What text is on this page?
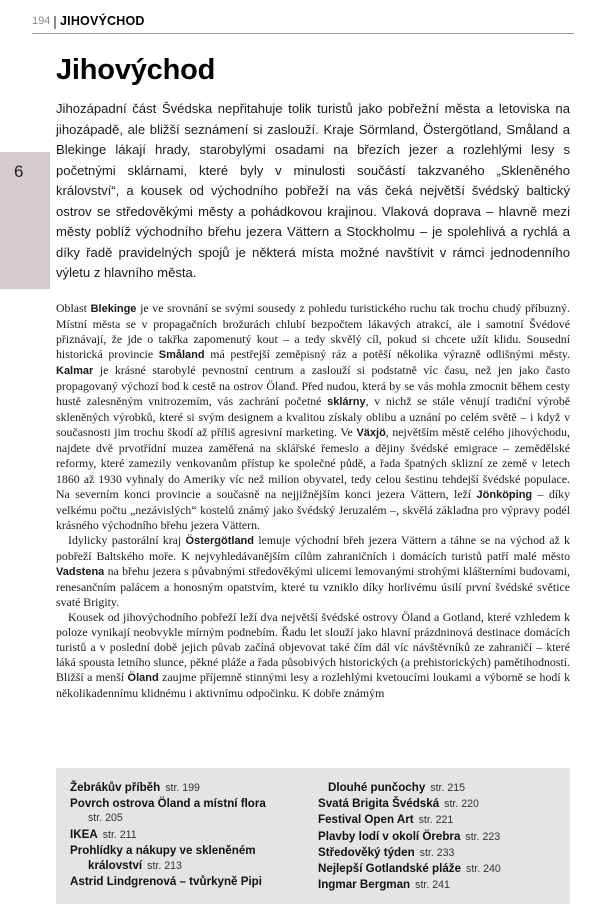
194 JIHOVÝCHOD
6
Jihovýchod

Jihozápadní část Švédska nepřitahuje tolik turistů jako pobřežní města a letoviska na jihozápadě, ale bližší seznámení si zaslouží. Kraje Sörmland, Östergötland, Småland a Blekinge lákají hrady, starobylými osadami na březích jezer a rozlehlými lesy s početnými sklárnami, které byly v minulosti součástí takzvaného „Skleněného království“, a kousek od východního pobřeží na vás čeká největší švédský baltický ostrov se středověkými městy a pohádkovou krajinou. Vlaková doprava – hlavně mezi městy poblíž východního břehu jezera Vättern a Stockholmu – je spolehlivá a rychlá a díky řadě pravidelných spojů je některá místa možné navštívit v rámci jednodenního výletu z hlavního města.

Oblast Blekinge je ve srovnání se svými sousedy z pohledu turistického ruchu tak trochu chudý příbuzný. Místní města se v propagačních brožurách chlubí bezpočtem lákavých atrakcí, ale i samotní Švédové přiznávají, že jde o takřka zapomenutý kout – a tedy skvělý cíl, pokud si chcete užít klidu. Sousední historická provincie Småland má pestřejší zeměpisný ráz a potěší několika výrazně odlišnými městy. Kalmar je krásné starobylé pevnostní centrum a zaslouží si podstatně víc času, než jen jako často propagovaný výchozí bod k cestě na ostrov Öland. Před nudou, která by se vás mohla zmocnit během cesty hustě zalesněným vnitrozemím, vás zachrání početné sklárny, v nichž se stále věnují tradiční výrobě skleněných výrobků, které si svým designem a kvalitou získaly oblibu a uznání po celém světě – i když v současnosti jim trochu škodí až příliš agresivní marketing. Ve Växjö, největším městě celého jihovýchodu, najdete dvě prvotřídní muzea zaměřená na sklářské řemeslo a dějiny švédské emigrace – zemědělské reformy, které zamezily venkovanům přístup ke společné půdě, a řada špatných sklizní ze země v letech 1860 až 1930 vyhnaly do Ameriky víc než milion obyvatel, tedy celou šestinu tehdejší švédské populace. Na severním konci provincie a současně na nejjižnějším konci jezera Vättern, leží Jönköping – díky velkému počtu „nezávislých“ kostelů známý jako švédský Jeruzalém –, skvělá základna pro výpravy podél krásného východního břehu jezera Vättern.

Idylicky pastorální kraj Östergötland lemuje východní břeh jezera Vättern a táhne se na východ až k pobřeží Baltského moře. K nejvyhledávanějším cílům zahraničních i domácích turistů patří malé město Vadstena na břehu jezera s půvabnými středověkými ulicemi lemovanými strohými klášterními budovami, renesančním palácem a honosným opatstvím, které tu vzniklo díky horlivému úsilí první švédské světice svaté Brigity.

Kousek od jihovýchodního pobřeží leží dva největší švédské ostrovy Öland a Gotland, které vzhledem k poloze vynikají neobvykle mírným podnebím. Řadu let slouží jako hlavní prázdninová destinace domácích turistů a v poslední době jejich půvab začíná objevovat také čím dál víc návštěvníků ze zahraničí – které láká spousta letního slunce, pěkné pláže a řada působivých historických (a prehistorických) pamětihodností. Bližší a menší Öland zaujme příjemně stinnými lesy a rozlehlými kvetoucími loukami a výborně se hodí k několikadennímu klidnému i aktivnímu odpočinku. K dobře známým

Žebrákův příběh str. 199
Povrch ostrova Öland a místní flora
str. 205
IKEA str. 211
Prohlídky a nákupy ve skleněném království str. 213
Astrid Lindgrenová – tvůrkyně Pipi
Dlouhé punčochy str. 215
Svatá Brigita Švédská str. 220
Festival Open Art str. 221
Plavby lodí v okolí Örebra str. 223
Středověký týden str. 233
Nejlepší Gotlandské pláže str. 240
Ingmar Bergman str. 241
